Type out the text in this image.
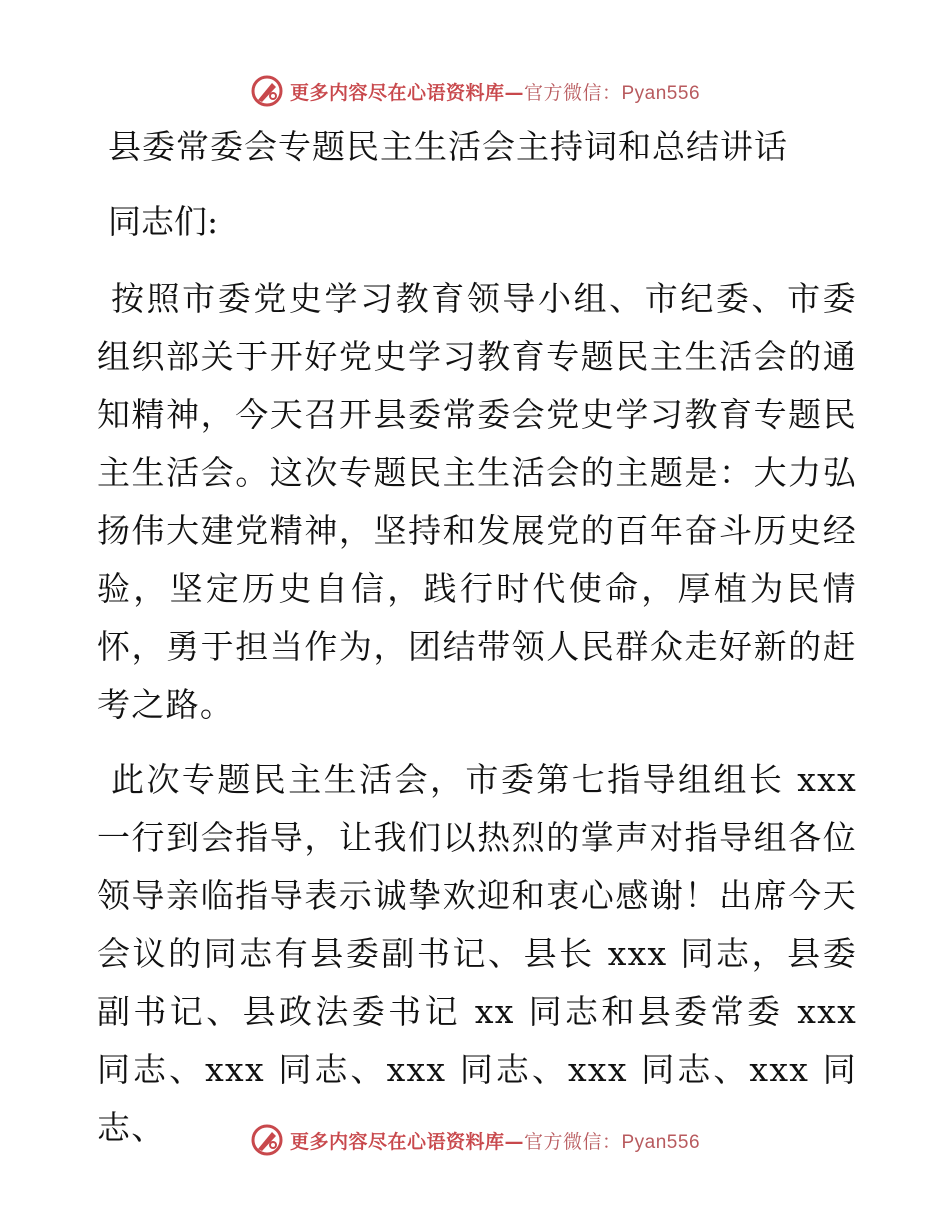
更多内容尽在心语资料库—官方微信：Pyan556
县委常委会专题民主生活会主持词和总结讲话
同志们:

按照市委党史学习教育领导小组、市纪委、市委组织部关于开好党史学习教育专题民主生活会的通知精神，今天召开县委常委会党史学习教育专题民主生活会。这次专题民主生活会的主题是：大力弘扬伟大建党精神，坚持和发展党的百年奋斗历史经验，坚定历史自信，践行时代使命，厚植为民情怀，勇于担当作为，团结带领人民群众走好新的赶考之路。

此次专题民主生活会，市委第七指导组组长 xxx 一行到会指导，让我们以热烈的掌声对指导组各位领导亲临指导表示诚挚欢迎和衷心感谢！出席今天会议的同志有县委副书记、县长 xxx 同志，县委副书记、县政法委书记 xx 同志和县委常委 xxx 同志、xxx 同志、xxx 同志、xxx 同志、xxx 同志、	更多内容尽在心语资料库—官方微信：Pyan556
